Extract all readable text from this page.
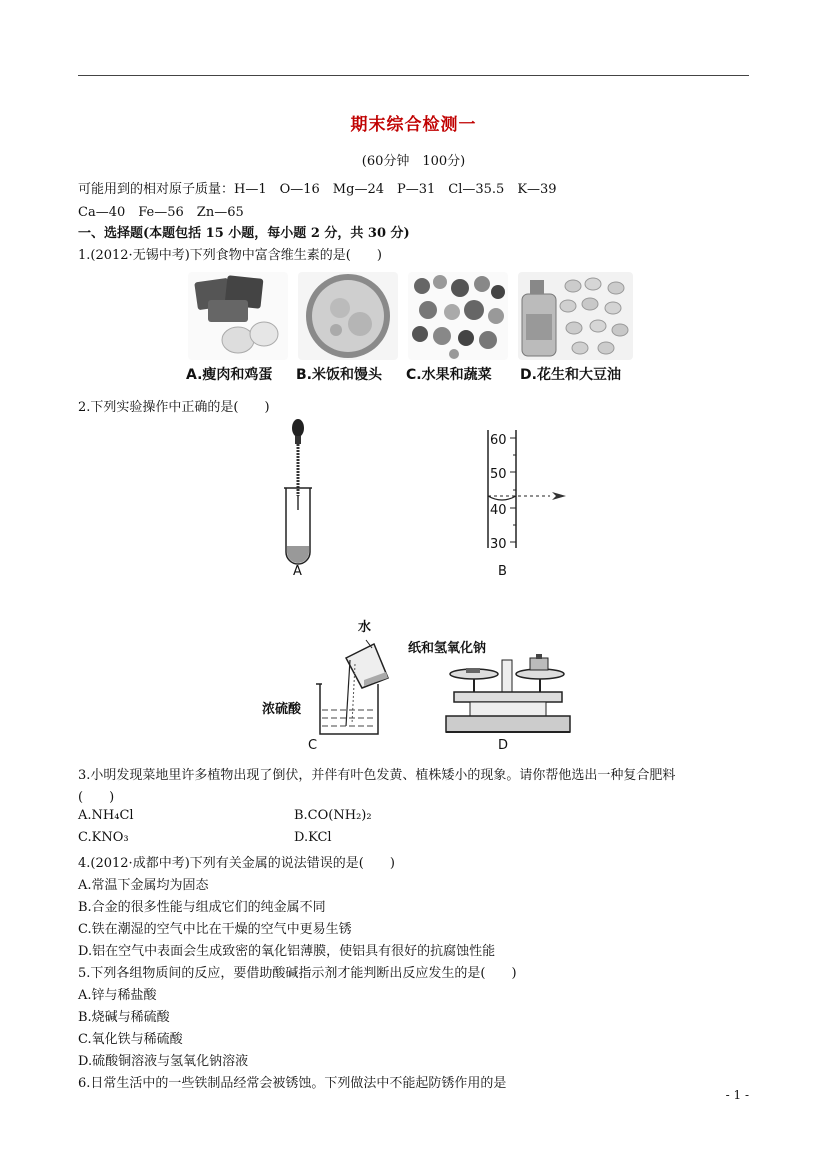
期末综合检测一
(60分钟　100分)
可能用到的相对原子质量：H—1　O—16　Mg—24　P—31　Cl—35.5　K—39
Ca—40　Fe—56　Zn—65
一、选择题(本题包括 15 小题，每小题 2 分，共 30 分)
1.(2012·无锡中考)下列食物中富含维生素的是(　　)
A.瘦肉和鸡蛋 B.米饭和馒头 C.水果和蔬菜 D.花生和大豆油
2.下列实验操作中正确的是(　　)
A
60
50
40
30
B
水
浓硫酸
C
纸和氢氧化钠
D
3.小明发现菜地里许多植物出现了倒伏，并伴有叶色发黄、植株矮小的现象。请你帮他选出一种复合肥料
(　　)
A.NH₄Cl	B.CO(NH₂)₂
C.KNO₃	D.KCl
4.(2012·成都中考)下列有关金属的说法错误的是(　　)
A.常温下金属均为固态
B.合金的很多性能与组成它们的纯金属不同
C.铁在潮湿的空气中比在干燥的空气中更易生锈
D.铝在空气中表面会生成致密的氧化铝薄膜，使铝具有很好的抗腐蚀性能
5.下列各组物质间的反应，要借助酸碱指示剂才能判断出反应发生的是(　　)
A.锌与稀盐酸
B.烧碱与稀硫酸
C.氧化铁与稀硫酸
D.硫酸铜溶液与氢氧化钠溶液
6.日常生活中的一些铁制品经常会被锈蚀。下列做法中不能起防锈作用的是
- 1 -
